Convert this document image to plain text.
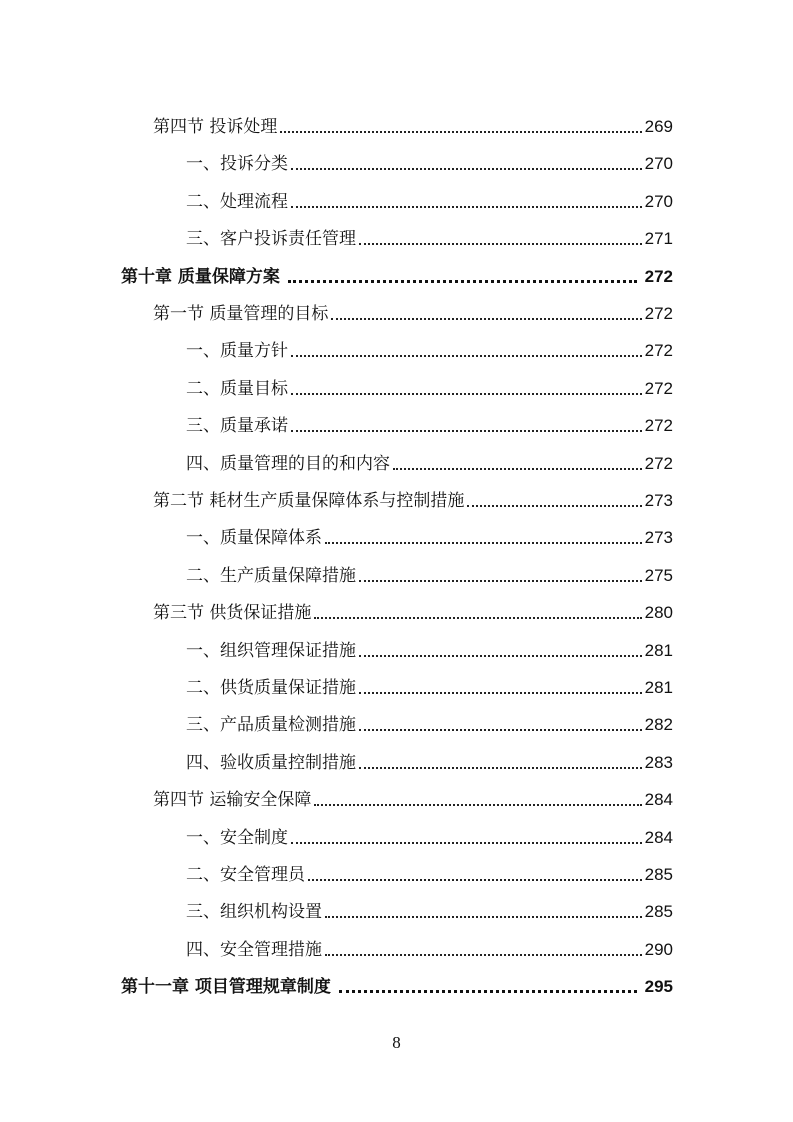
第四节 投诉处理	269
一、投诉分类	270
二、处理流程	270
三、客户投诉责任管理	271
第十章 质量保障方案	272
第一节 质量管理的目标	272
一、质量方针	272
二、质量目标	272
三、质量承诺	272
四、质量管理的目的和内容	272
第二节 耗材生产质量保障体系与控制措施	273
一、质量保障体系	273
二、生产质量保障措施	275
第三节 供货保证措施	280
一、组织管理保证措施	281
二、供货质量保证措施	281
三、产品质量检测措施	282
四、验收质量控制措施	283
第四节 运输安全保障	284
一、安全制度	284
二、安全管理员	285
三、组织机构设置	285
四、安全管理措施	290
第十一章 项目管理规章制度	295
8
